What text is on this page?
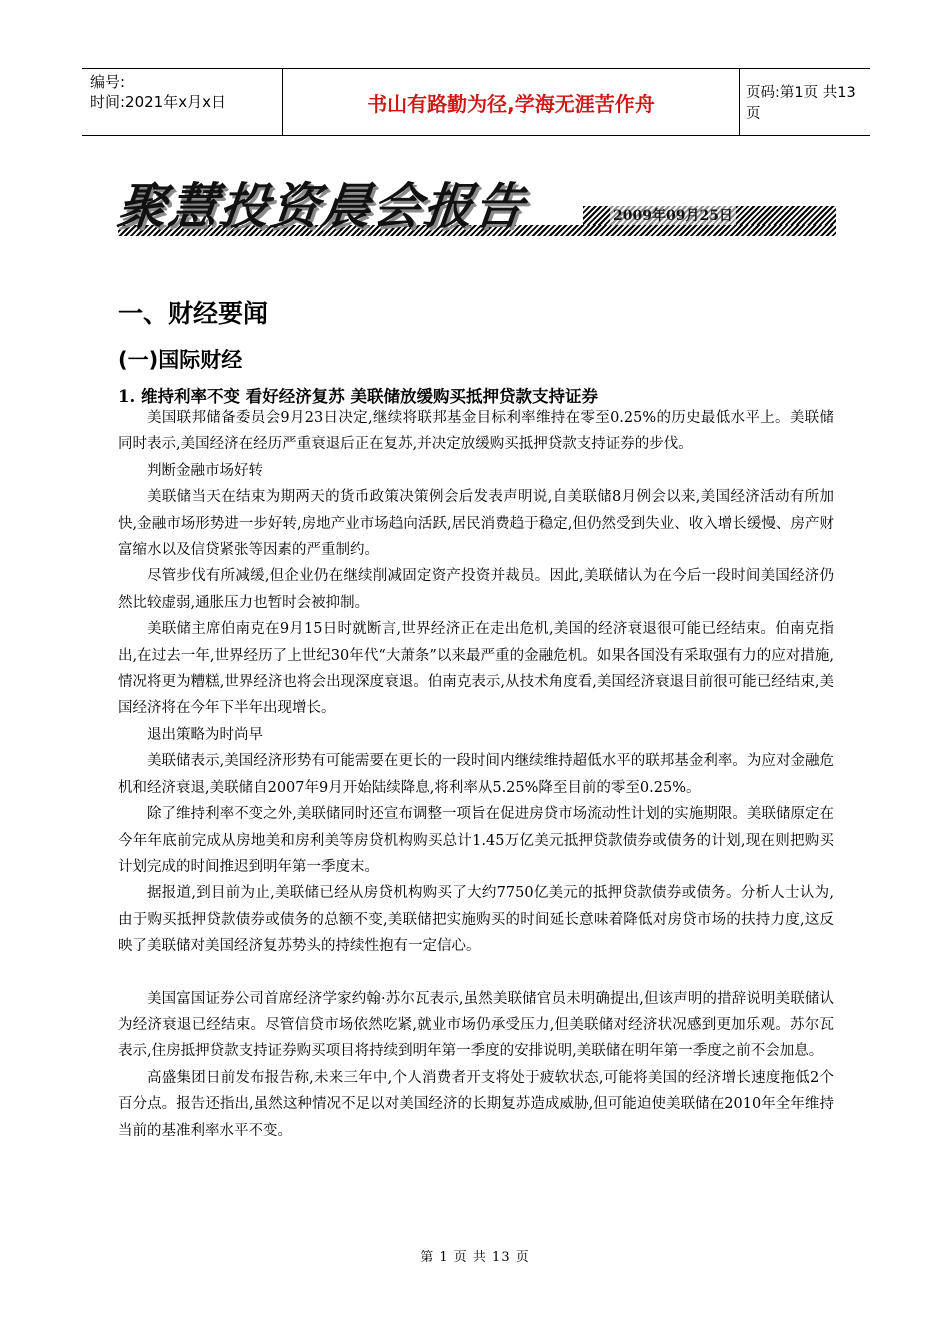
编号:
时间:2021年x月x日	书山有路勤为径,学海无涯苦作舟	页码:第1页 共13页
聚慧投资晨会报告	2009年09月25日
一、财经要闻
(一)国际财经
1. 维持利率不变 看好经济复苏 美联储放缓购买抵押贷款支持证券

美国联邦储备委员会9月23日决定,继续将联邦基金目标利率维持在零至0.25%的历史最低水平上。美联储同时表示,美国经济在经历严重衰退后正在复苏,并决定放缓购买抵押贷款支持证券的步伐。

判断金融市场好转

美联储当天在结束为期两天的货币政策决策例会后发表声明说,自美联储8月例会以来,美国经济活动有所加快,金融市场形势进一步好转,房地产业市场趋向活跃,居民消费趋于稳定,但仍然受到失业、收入增长缓慢、房产财富缩水以及信贷紧张等因素的严重制约。

尽管步伐有所减缓,但企业仍在继续削减固定资产投资并裁员。因此,美联储认为在今后一段时间美国经济仍然比较虚弱,通胀压力也暂时会被抑制。

美联储主席伯南克在9月15日时就断言,世界经济正在走出危机,美国的经济衰退很可能已经结束。伯南克指出,在过去一年,世界经历了上世纪30年代“大萧条”以来最严重的金融危机。如果各国没有采取强有力的应对措施,情况将更为糟糕,世界经济也将会出现深度衰退。伯南克表示,从技术角度看,美国经济衰退目前很可能已经结束,美国经济将在今年下半年出现增长。

退出策略为时尚早

美联储表示,美国经济形势有可能需要在更长的一段时间内继续维持超低水平的联邦基金利率。为应对金融危机和经济衰退,美联储自2007年9月开始陆续降息,将利率从5.25%降至目前的零至0.25%。

除了维持利率不变之外,美联储同时还宣布调整一项旨在促进房贷市场流动性计划的实施期限。美联储原定在今年年底前完成从房地美和房利美等房贷机构购买总计1.45万亿美元抵押贷款债券或债务的计划,现在则把购买计划完成的时间推迟到明年第一季度末。

据报道,到目前为止,美联储已经从房贷机构购买了大约7750亿美元的抵押贷款债券或债务。分析人士认为,由于购买抵押贷款债券或债务的总额不变,美联储把实施购买的时间延长意味着降低对房贷市场的扶持力度,这反映了美联储对美国经济复苏势头的持续性抱有一定信心。

美国富国证券公司首席经济学家约翰·苏尔瓦表示,虽然美联储官员未明确提出,但该声明的措辞说明美联储认为经济衰退已经结束。尽管信贷市场依然吃紧,就业市场仍承受压力,但美联储对经济状况感到更加乐观。苏尔瓦表示,住房抵押贷款支持证券购买项目将持续到明年第一季度的安排说明,美联储在明年第一季度之前不会加息。

高盛集团日前发布报告称,未来三年中,个人消费者开支将处于疲软状态,可能将美国的经济增长速度拖低2个百分点。报告还指出,虽然这种情况不足以对美国经济的长期复苏造成威胁,但可能迫使美联储在2010年全年维持当前的基准利率水平不变。

第 1 页 共 13 页
